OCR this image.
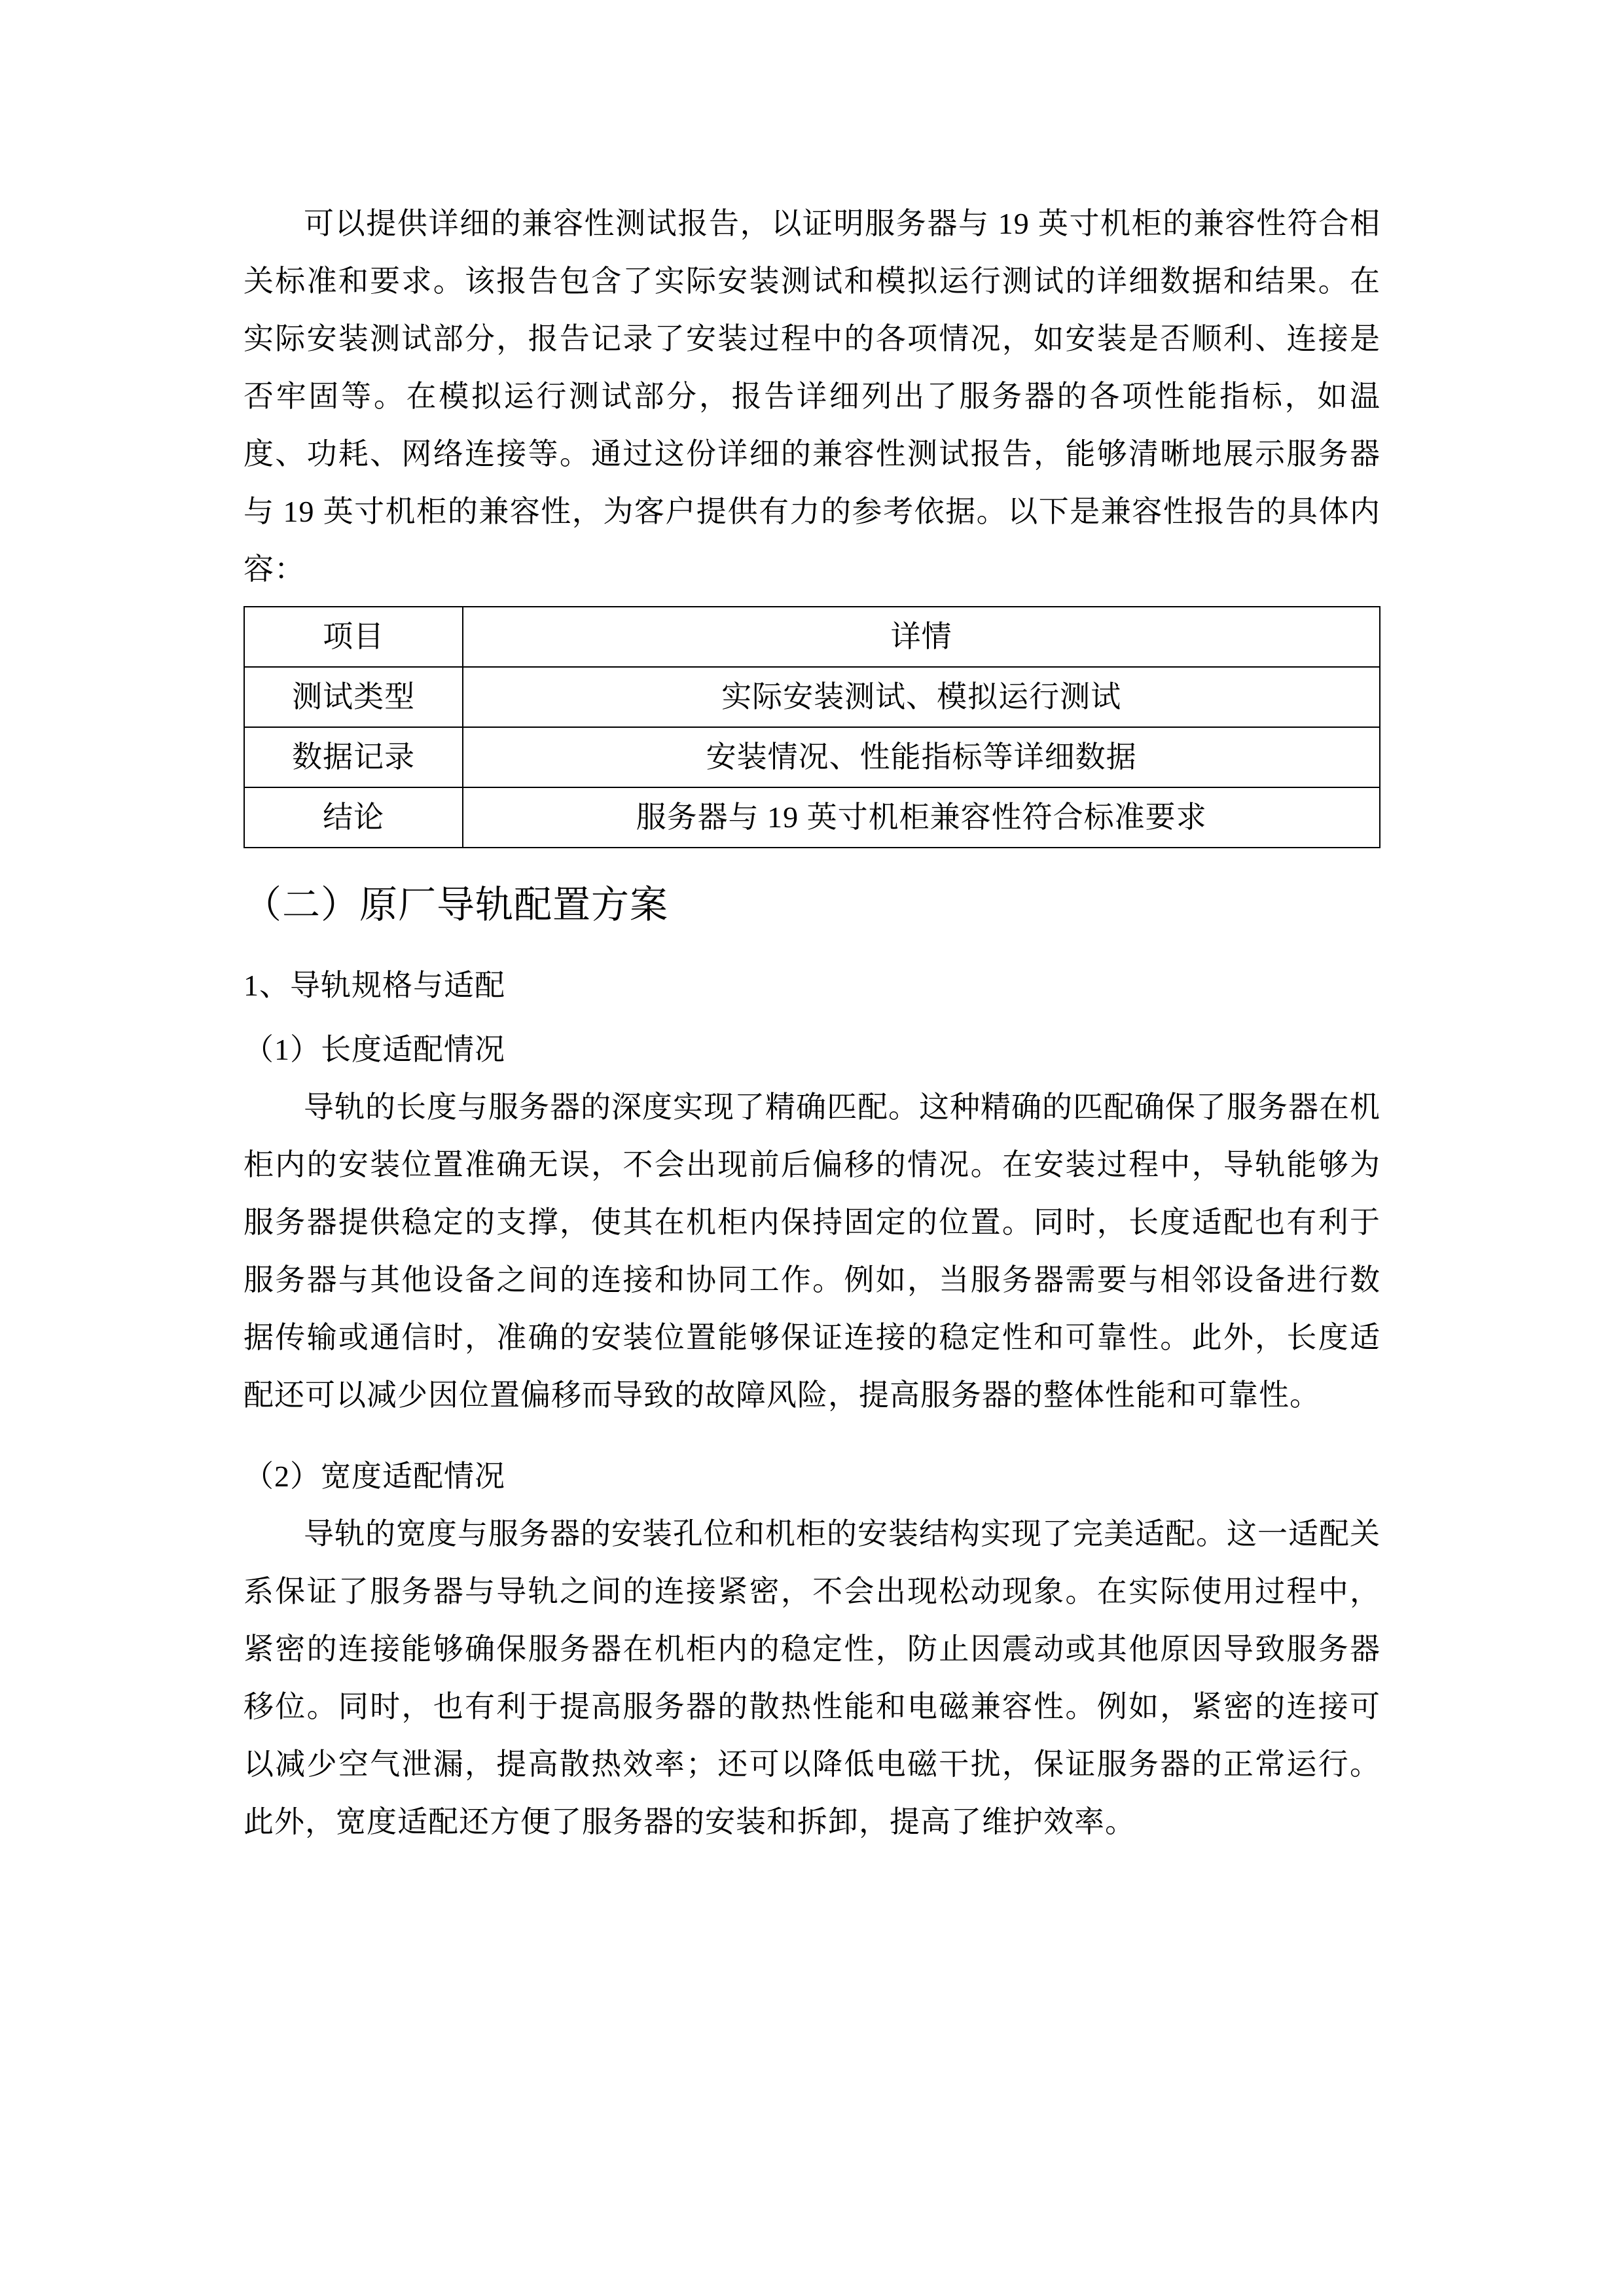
可以提供详细的兼容性测试报告，以证明服务器与 19 英寸机柜的兼容性符合相关标准和要求。该报告包含了实际安装测试和模拟运行测试的详细数据和结果。在实际安装测试部分，报告记录了安装过程中的各项情况，如安装是否顺利、连接是否牢固等。在模拟运行测试部分，报告详细列出了服务器的各项性能指标，如温度、功耗、网络连接等。通过这份详细的兼容性测试报告，能够清晰地展示服务器与 19 英寸机柜的兼容性，为客户提供有力的参考依据。以下是兼容性报告的具体内容：

项目	详情
测试类型	实际安装测试、模拟运行测试
数据记录	安装情况、性能指标等详细数据
结论	服务器与 19 英寸机柜兼容性符合标准要求
（二）原厂导轨配置方案
1、导轨规格与适配
（1）长度适配情况

导轨的长度与服务器的深度实现了精确匹配。这种精确的匹配确保了服务器在机柜内的安装位置准确无误，不会出现前后偏移的情况。在安装过程中，导轨能够为服务器提供稳定的支撑，使其在机柜内保持固定的位置。同时，长度适配也有利于服务器与其他设备之间的连接和协同工作。例如，当服务器需要与相邻设备进行数据传输或通信时，准确的安装位置能够保证连接的稳定性和可靠性。此外，长度适配还可以减少因位置偏移而导致的故障风险，提高服务器的整体性能和可靠性。

（2）宽度适配情况

导轨的宽度与服务器的安装孔位和机柜的安装结构实现了完美适配。这一适配关系保证了服务器与导轨之间的连接紧密，不会出现松动现象。在实际使用过程中，紧密的连接能够确保服务器在机柜内的稳定性，防止因震动或其他原因导致服务器移位。同时，也有利于提高服务器的散热性能和电磁兼容性。例如，紧密的连接可以减少空气泄漏，提高散热效率；还可以降低电磁干扰，保证服务器的正常运行。此外，宽度适配还方便了服务器的安装和拆卸，提高了维护效率。
